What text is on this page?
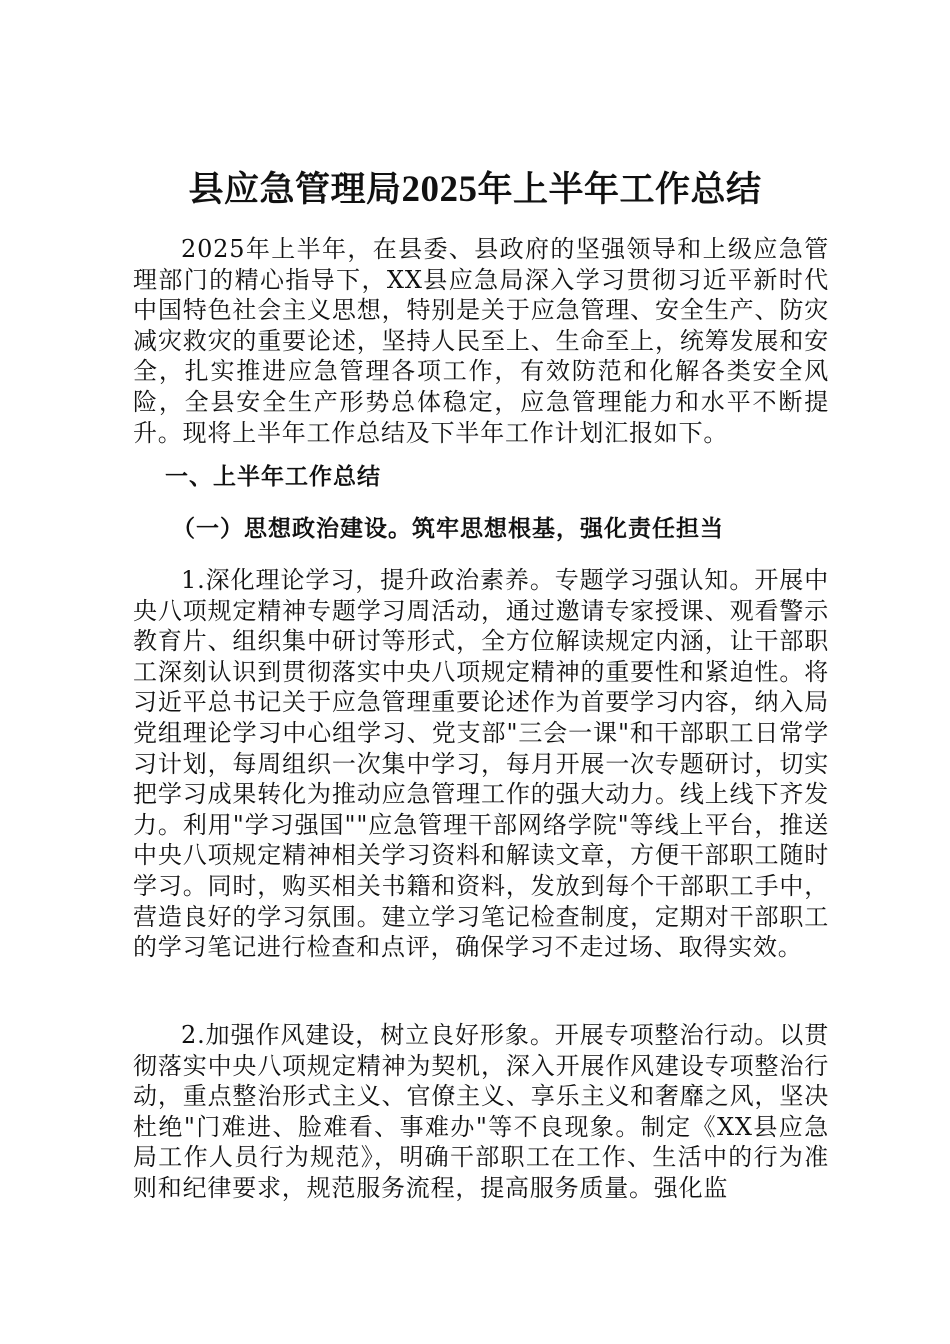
县应急管理局2025年上半年工作总结

2025年上半年，在县委、县政府的坚强领导和上级应急管理部门的精心指导下，XX县应急局深入学习贯彻习近平新时代中国特色社会主义思想，特别是关于应急管理、安全生产、防灾减灾救灾的重要论述，坚持人民至上、生命至上，统筹发展和安全，扎实推进应急管理各项工作，有效防范和化解各类安全风险，全县安全生产形势总体稳定，应急管理能力和水平不断提升。现将上半年工作总结及下半年工作计划汇报如下。

一、上半年工作总结

（一）思想政治建设。筑牢思想根基，强化责任担当

1.深化理论学习，提升政治素养。专题学习强认知。开展中央八项规定精神专题学习周活动，通过邀请专家授课、观看警示教育片、组织集中研讨等形式，全方位解读规定内涵，让干部职工深刻认识到贯彻落实中央八项规定精神的重要性和紧迫性。将习近平总书记关于应急管理重要论述作为首要学习内容，纳入局党组理论学习中心组学习、党支部"三会一课"和干部职工日常学习计划，每周组织一次集中学习，每月开展一次专题研讨，切实把学习成果转化为推动应急管理工作的强大动力。线上线下齐发力。利用"学习强国""应急管理干部网络学院"等线上平台，推送中央八项规定精神相关学习资料和解读文章，方便干部职工随时学习。同时，购买相关书籍和资料，发放到每个干部职工手中，营造良好的学习氛围。建立学习笔记检查制度，定期对干部职工的学习笔记进行检查和点评，确保学习不走过场、取得实效。

2.加强作风建设，树立良好形象。开展专项整治行动。以贯彻落实中央八项规定精神为契机，深入开展作风建设专项整治行动，重点整治形式主义、官僚主义、享乐主义和奢靡之风，坚决杜绝"门难进、脸难看、事难办"等不良现象。制定《XX县应急局工作人员行为规范》，明确干部职工在工作、生活中的行为准则和纪律要求，规范服务流程，提高服务质量。强化监
